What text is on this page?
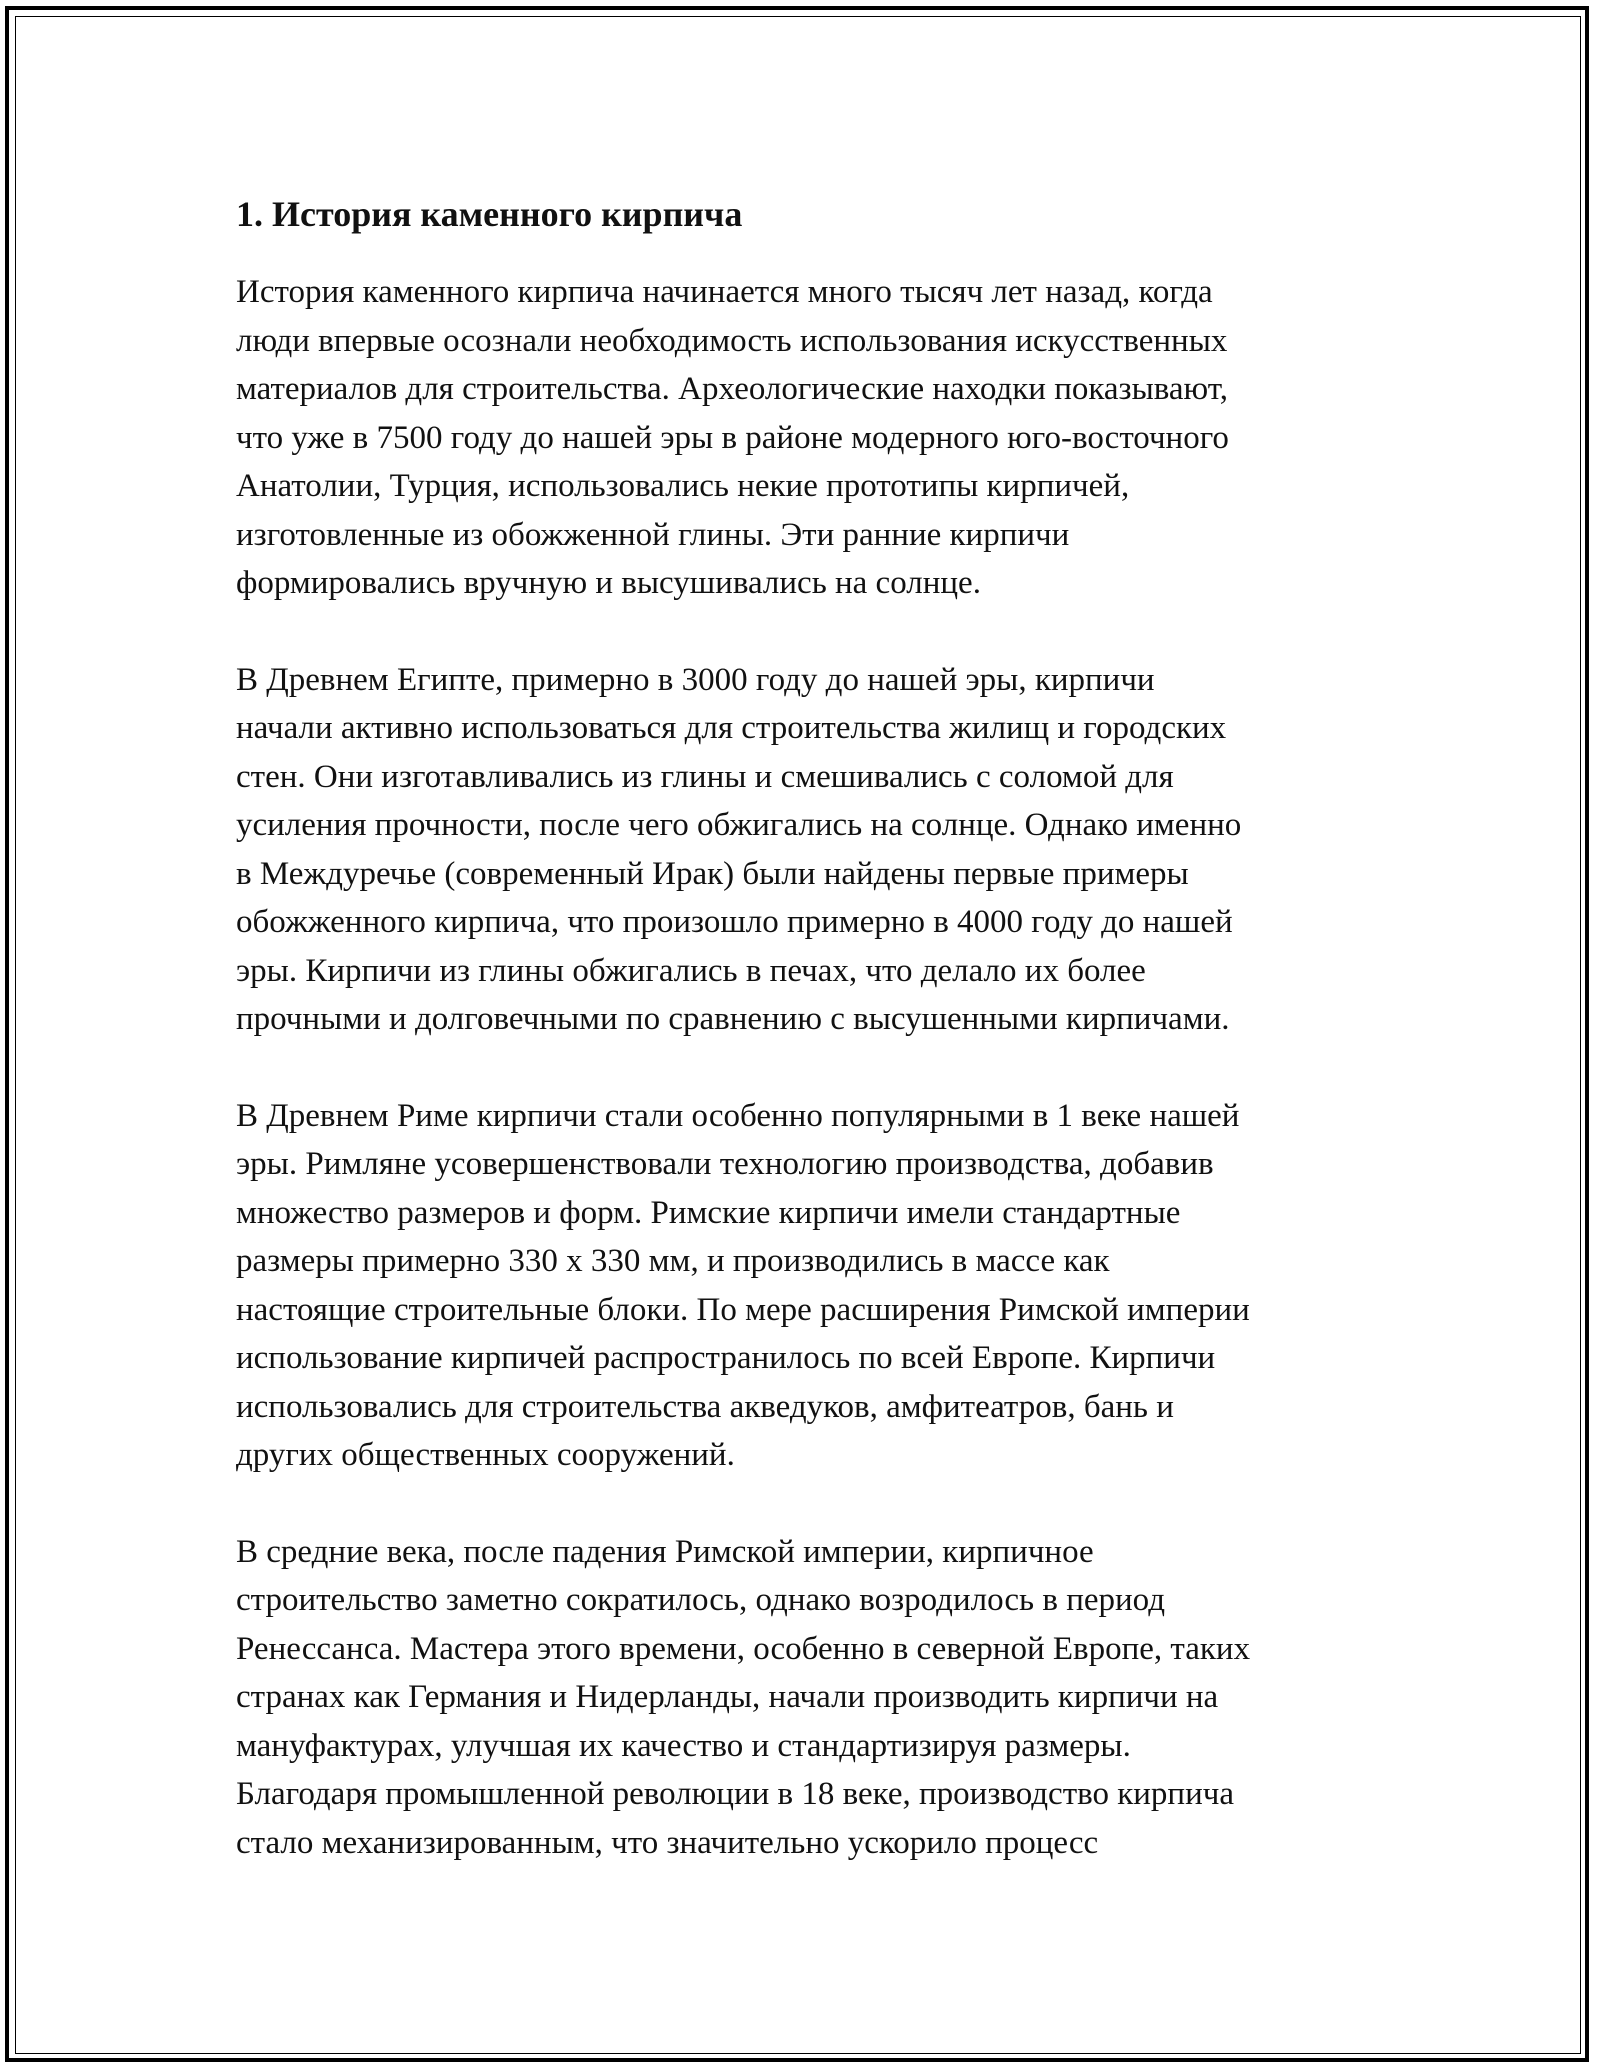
1. История каменного кирпича
История каменного кирпича начинается много тысяч лет назад, когда
люди впервые осознали необходимость использования искусственных
материалов для строительства. Археологические находки показывают,
что уже в 7500 году до нашей эры в районе модерного юго-восточного
Анатолии, Турция, использовались некие прототипы кирпичей,
изготовленные из обожженной глины. Эти ранние кирпичи
формировались вручную и высушивались на солнце.
В Древнем Египте, примерно в 3000 году до нашей эры, кирпичи
начали активно использоваться для строительства жилищ и городских
стен. Они изготавливались из глины и смешивались с соломой для
усиления прочности, после чего обжигались на солнце. Однако именно
в Междуречье (современный Ирак) были найдены первые примеры
обожженного кирпича, что произошло примерно в 4000 году до нашей
эры. Кирпичи из глины обжигались в печах, что делало их более
прочными и долговечными по сравнению с высушенными кирпичами.
В Древнем Риме кирпичи стали особенно популярными в 1 веке нашей
эры. Римляне усовершенствовали технологию производства, добавив
множество размеров и форм. Римские кирпичи имели стандартные
размеры примерно 330 x 330 мм, и производились в массе как
настоящие строительные блоки. По мере расширения Римской империи
использование кирпичей распространилось по всей Европе. Кирпичи
использовались для строительства акведуков, амфитеатров, бань и
других общественных сооружений.
В средние века, после падения Римской империи, кирпичное
строительство заметно сократилось, однако возродилось в период
Ренессанса. Мастера этого времени, особенно в северной Европе, таких
странах как Германия и Нидерланды, начали производить кирпичи на
мануфактурах, улучшая их качество и стандартизируя размеры.
Благодаря промышленной революции в 18 веке, производство кирпича
стало механизированным, что значительно ускорило процесс
